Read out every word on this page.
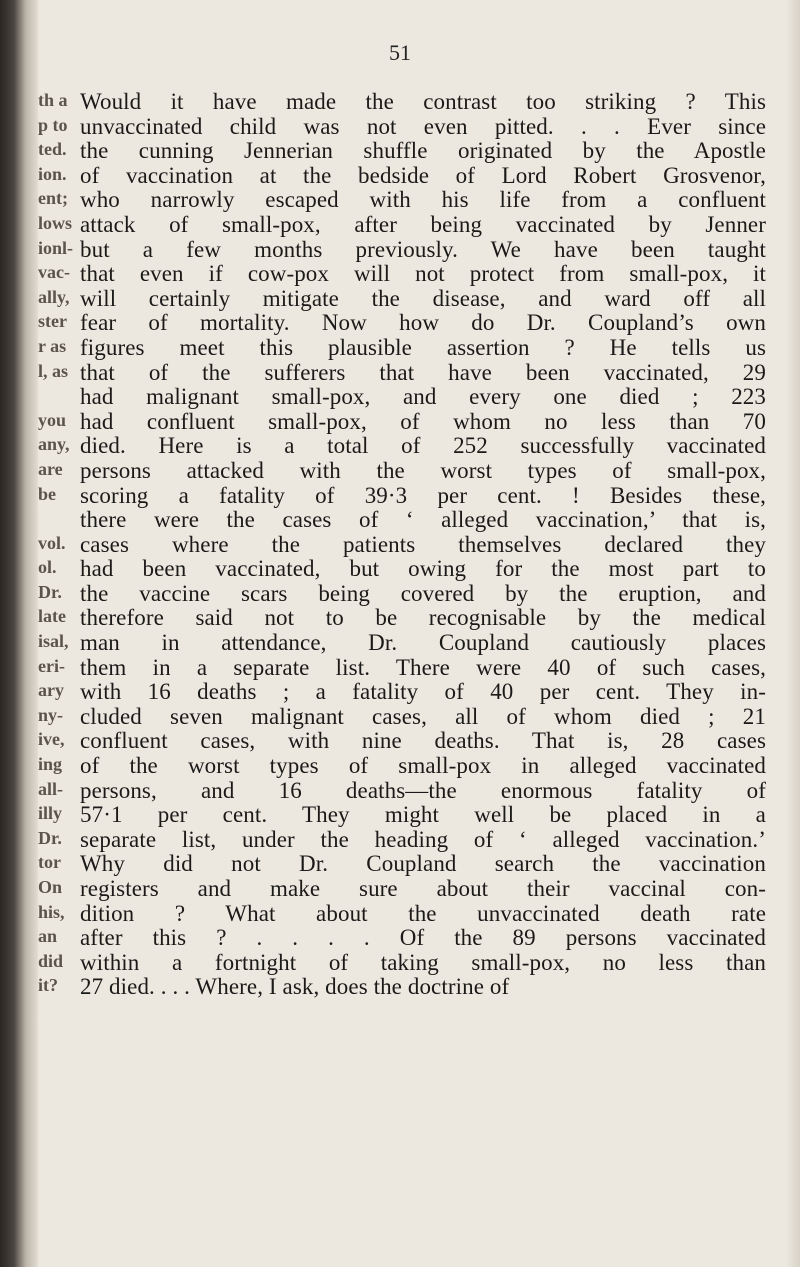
th a
p to
ted.
ion.
ent;
lows
ionl-
vac-
ally,
ster
r as
l, as
you
any,
are
be
vol.
ol.
Dr.
late
isal,
eri-
ary
ny-
ive,
ing
all-
illy
Dr.
tor
On
his,
an
did
it?
51
Would it have made the contrast too striking ? This
unvaccinated child was not even pitted. . . Ever since
the cunning Jennerian shuffle originated by the Apostle
of vaccination at the bedside of Lord Robert Grosvenor,
who narrowly escaped with his life from a confluent
attack of small-pox, after being vaccinated by Jenner
but a few months previously. We have been taught
that even if cow-pox will not protect from small-pox, it
will certainly mitigate the disease, and ward off all
fear of mortality. Now how do Dr. Coupland’s own
figures meet this plausible assertion ? He tells us
that of the sufferers that have been vaccinated, 29
had malignant small-pox, and every one died ; 223
had confluent small-pox, of whom no less than 70
died. Here is a total of 252 successfully vaccinated
persons attacked with the worst types of small-pox,
scoring a fatality of 39·3 per cent. ! Besides these,
there were the cases of ‘ alleged vaccination,’ that is,
cases where the patients themselves declared they
had been vaccinated, but owing for the most part to
the vaccine scars being covered by the eruption, and
therefore said not to be recognisable by the medical
man in attendance, Dr. Coupland cautiously places
them in a separate list. There were 40 of such cases,
with 16 deaths ; a fatality of 40 per cent. They in-
cluded seven malignant cases, all of whom died ; 21
confluent cases, with nine deaths. That is, 28 cases
of the worst types of small-pox in alleged vaccinated
persons, and 16 deaths—the enormous fatality of
57·1 per cent. They might well be placed in a
separate list, under the heading of ‘ alleged vaccination.’
Why did not Dr. Coupland search the vaccination
registers and make sure about their vaccinal con-
dition ? What about the unvaccinated death rate
after this ? . . . . Of the 89 persons vaccinated
within a fortnight of taking small-pox, no less than
27 died. . . . Where, I ask, does the doctrine of
